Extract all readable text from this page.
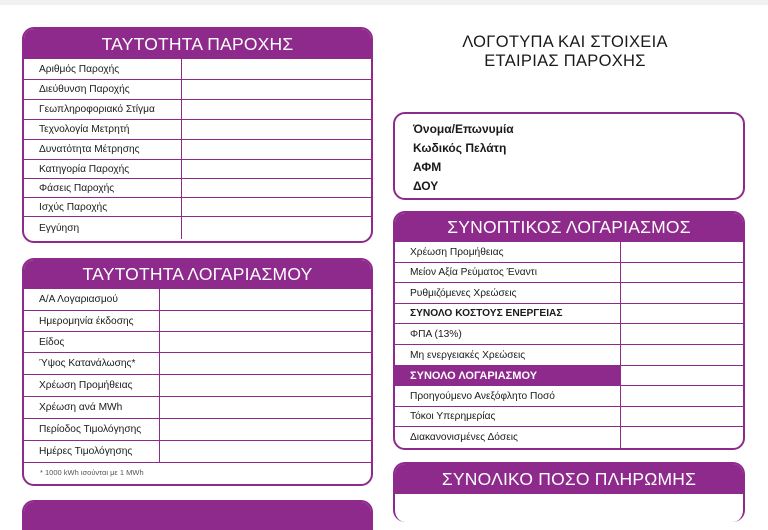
ΤΑΥΤΟΤΗΤΑ ΠΑΡΟΧΗΣ
Αριθμός Παροχής
Διεύθυνση Παροχής
Γεωπληροφοριακό Στίγμα
Τεχνολογία Μετρητή
Δυνατότητα Μέτρησης
Κατηγορία Παροχής
Φάσεις Παροχής
Ισχύς Παροχής
Εγγύηση
ΤΑΥΤΟΤΗΤΑ ΛΟΓΑΡΙΑΣΜΟΥ
Α/Α Λογαριασμού
Ημερομηνία έκδοσης
Είδος
Ύψος Κατανάλωσης*
Χρέωση Προμήθειας
Χρέωση ανά MWh
Περίοδος Τιμολόγησης
Ημέρες Τιμολόγησης
* 1000 kWh ισούνται με 1 MWh
ΛΟΓΟΤΥΠΑ ΚΑΙ ΣΤΟΙΧΕΙΑ
ΕΤΑΙΡΙΑΣ ΠΑΡΟΧΗΣ
Όνομα/Επωνυμία
Κωδικός Πελάτη
ΑΦΜ
ΔΟΥ
ΣΥΝΟΠΤΙΚΟΣ ΛΟΓΑΡΙΑΣΜΟΣ
Χρέωση Προμήθειας
Μείον Αξία Ρεύματος Έναντι
Ρυθμιζόμενες Χρεώσεις
ΣΥΝΟΛΟ ΚΟΣΤΟΥΣ ΕΝΕΡΓΕΙΑΣ
ΦΠΑ (13%)
Μη ενεργειακές Χρεώσεις
ΣΥΝΟΛΟ ΛΟΓΑΡΙΑΣΜΟΥ
Προηγούμενο Ανεξόφλητο Ποσό
Τόκοι Υπερημερίας
Διακανονισμένες Δόσεις
ΣΥΝΟΛΙΚΟ ΠΟΣΟ ΠΛΗΡΩΜΗΣ
